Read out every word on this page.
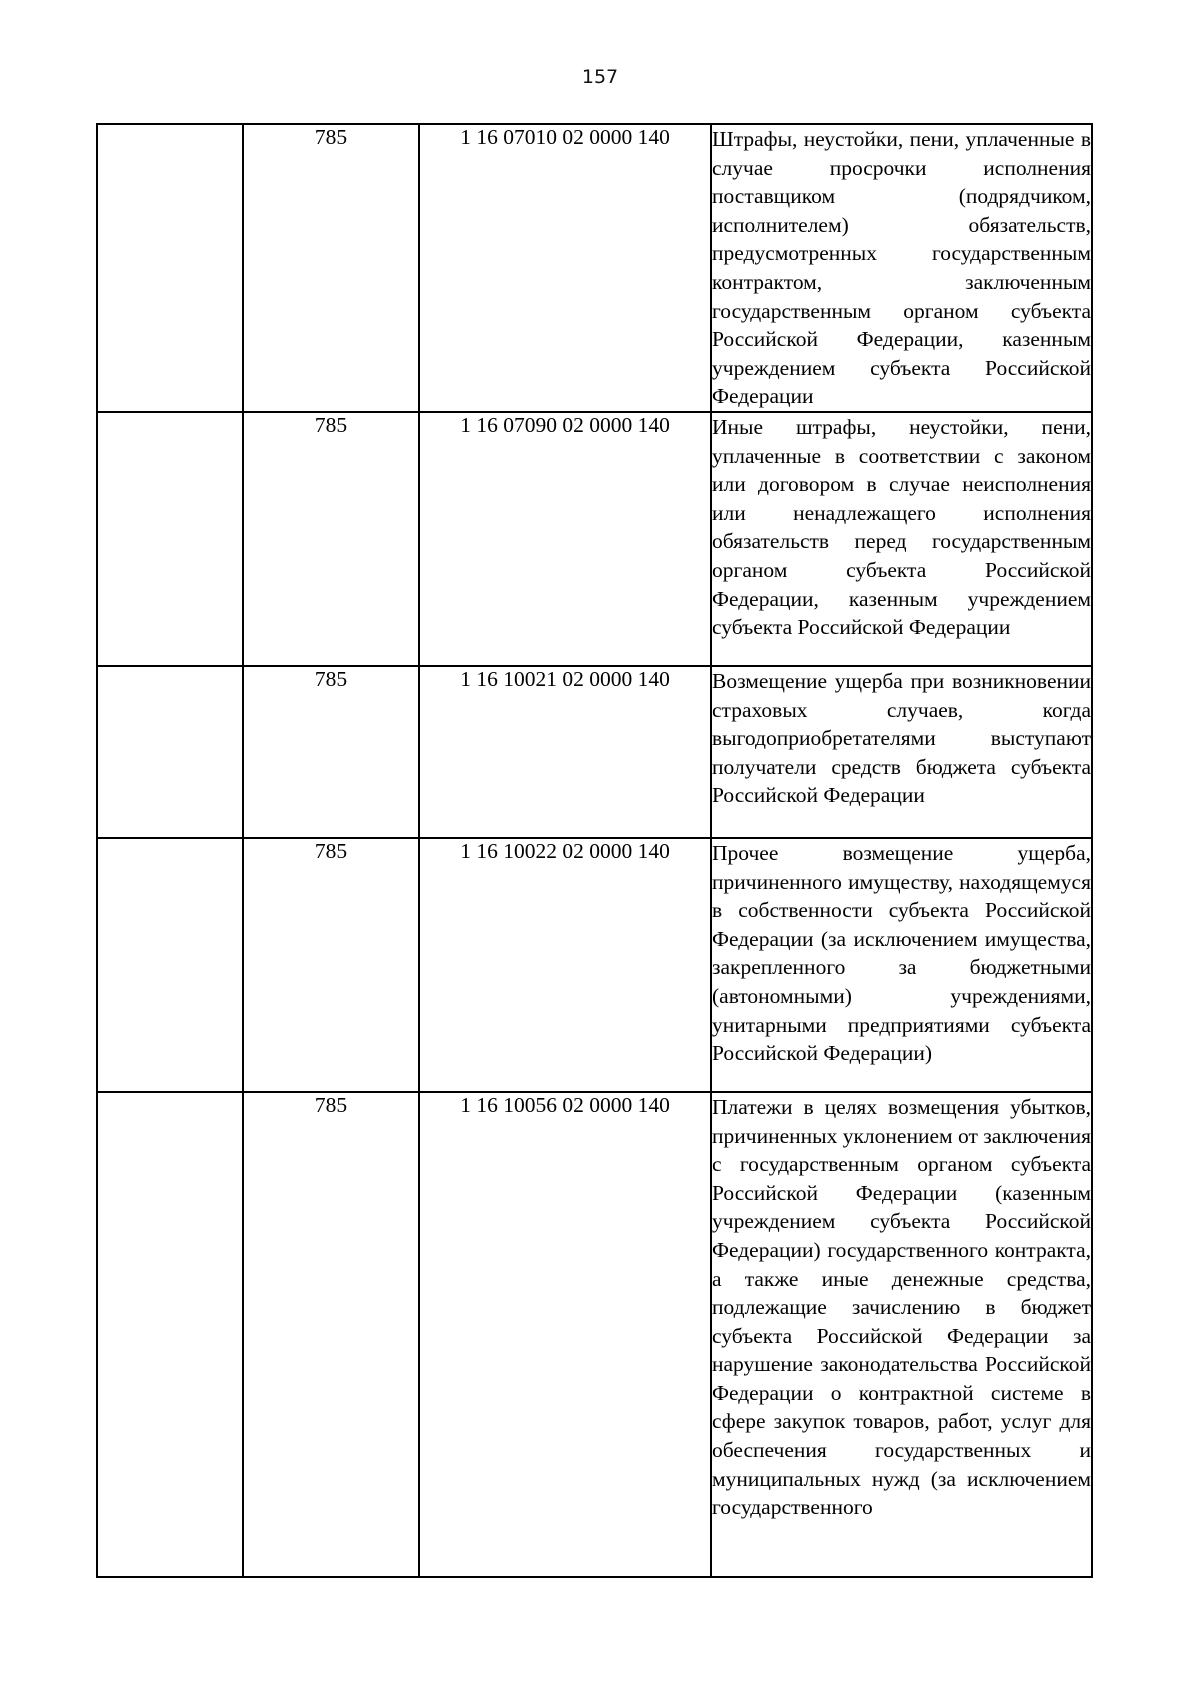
157
	785	1 16 07010 02 0000 140	Штрафы, неустойки, пени, уплаченные в случае просрочки исполнения поставщиком (подрядчиком, исполнителем) обязательств, предусмотренных государственным контрактом, заключенным государственным органом субъекта Российской Федерации, казенным учреждением субъекта Российской Федерации
	785	1 16 07090 02 0000 140	Иные штрафы, неустойки, пени, уплаченные в соответствии с законом или договором в случае неисполнения или ненадлежащего исполнения обязательств перед государственным органом субъекта Российской Федерации, казенным учреждением субъекта Российской Федерации
	785	1 16 10021 02 0000 140	Возмещение ущерба при возникновении страховых случаев, когда выгодоприобретателями выступают получатели средств бюджета субъекта Российской Федерации
	785	1 16 10022 02 0000 140	Прочее возмещение ущерба, причиненного имуществу, находящемуся в собственности субъекта Российской Федерации (за исключением имущества, закрепленного за бюджетными (автономными) учреждениями, унитарными предприятиями субъекта Российской Федерации)
	785	1 16 10056 02 0000 140	Платежи в целях возмещения убытков, причиненных уклонением от заключения с государственным органом субъекта Российской Федерации (казенным учреждением субъекта Российской Федерации) государственного контракта, а также иные денежные средства, подлежащие зачислению в бюджет субъекта Российской Федерации за нарушение законодательства Российской Федерации о контрактной системе в сфере закупок товаров, работ, услуг для обеспечения государственных и муниципальных нужд (за исключением государственного
